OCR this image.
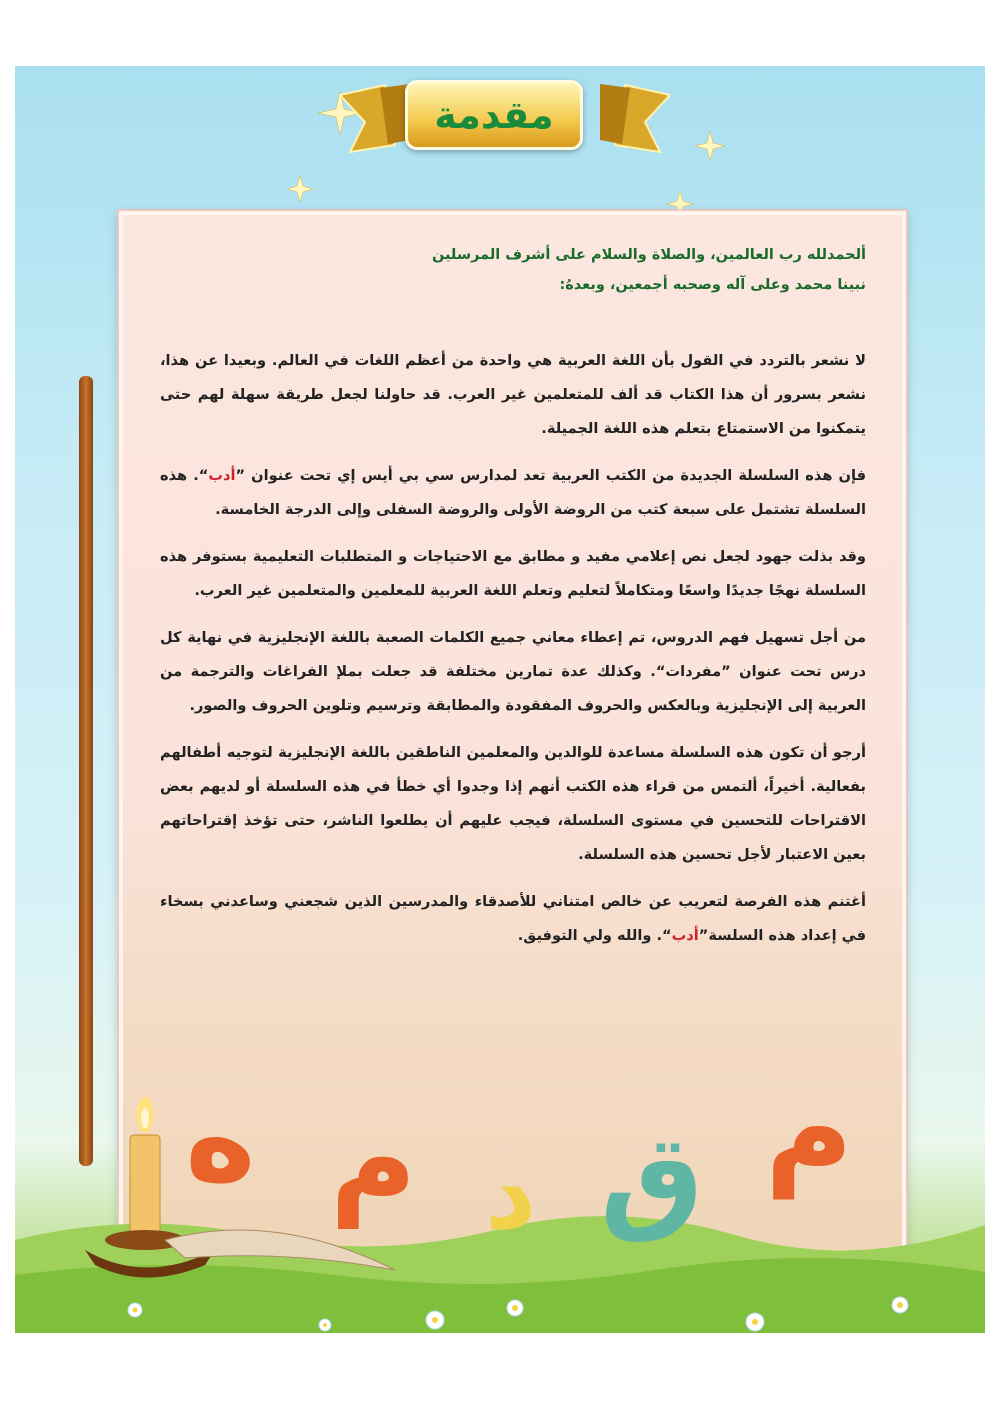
مقدمة

ألحمدلله رب العالمين، والصلاة والسلام على أشرف المرسلين

نبينا محمد وعلى آله وصحبه أجمعين، وبعدهُ:

لا نشعر بالتردد في القول بأن اللغة العربية هي واحدة من أعظم اللغات في العالم. وبعيدا عن هذا، نشعر بسرور أن هذا الكتاب قد ألف للمتعلمين غير العرب. قد حاولنا لجعل طريقة سهلة لهم حتى يتمكنوا من الاستمتاع بتعلم هذه اللغة الجميلة.

فإن هذه السلسلة الجديدة من الكتب العربية تعد لمدارس سي بي أيس إي تحت عنوان ”أدب“. هذه السلسلة تشتمل على سبعة كتب من الروضة الأولى والروضة السفلى وإلى الدرجة الخامسة.

وقد بذلت جهود لجعل نص إعلامي مفيد و مطابق مع الاحتياجات و المتطلبات التعليمية بستوفر هذه السلسلة نهجًا جديدًا واسعًا ومتكاملاً لتعليم وتعلم اللغة العربية للمعلمين والمتعلمين غير العرب.

من أجل تسهيل فهم الدروس، تم إعطاء معاني جميع الكلمات الصعبة باللغة الإنجليزية في نهاية كل درس تحت عنوان ”مفردات“. وكذلك عدة تمارين مختلفة قد جعلت بملإ الفراغات والترجمة من العربية إلى الإنجليزية وبالعكس والحروف المفقودة والمطابقة وترسيم وتلوين الحروف والصور.

أرجو أن تكون هذه السلسلة مساعدة للوالدين والمعلمين الناطقين باللغة الإنجليزية لتوجيه أطفالهم بفعالية. أخيراً، ألتمس من قراء هذه الكتب أنهم إذا وجدوا أي خطأ في هذه السلسلة أو لديهم بعض الاقتراحات للتحسين في مستوى السلسلة، فيجب عليهم أن يطلعوا الناشر، حتى تؤخذ إقتراحاتهم بعين الاعتبار لأجل تحسين هذه السلسلة.

أغتنم هذه الفرصة لتعريب عن خالص امتناني للأصدقاء والمدرسين الذين شجعني وساعدني بسخاء في إعداد هذه السلسة”أدب“. والله ولي التوفيق.

ه م د ق م
